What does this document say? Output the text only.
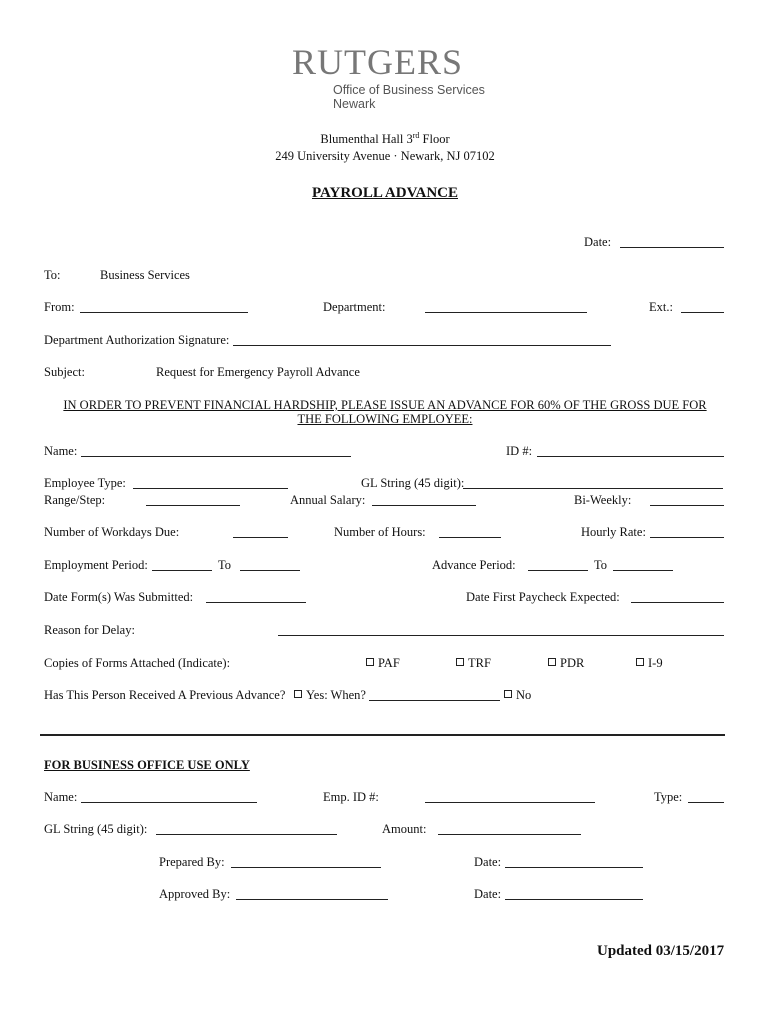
RUTGERS
Office of Business Services
Newark
Blumenthal Hall 3rd Floor
249 University Avenue · Newark, NJ 07102
PAYROLL ADVANCE
Date:
To:	Business Services
From:	Department:	Ext.:
Department Authorization Signature:
Subject:	Request for Emergency Payroll Advance
IN ORDER TO PREVENT FINANCIAL HARDSHIP, PLEASE ISSUE AN ADVANCE FOR 60% OF THE GROSS DUE FOR
THE FOLLOWING EMPLOYEE:
Name:	ID #:
Employee Type:	GL String (45 digit):
Range/Step:	Annual Salary:	Bi-Weekly:
Number of Workdays Due:	Number of Hours:	Hourly Rate:
Employment Period:	To	Advance Period:	To
Date Form(s) Was Submitted:	Date First Paycheck Expected:
Reason for Delay:
Copies of Forms Attached (Indicate):	PAF	TRF	PDR	I-9
Has This Person Received A Previous Advance?	Yes: When?	No
FOR BUSINESS OFFICE USE ONLY
Name:	Emp. ID #:	Type:
GL String (45 digit):	Amount:
Prepared By:	Date:
Approved By:	Date:
Updated 03/15/2017
